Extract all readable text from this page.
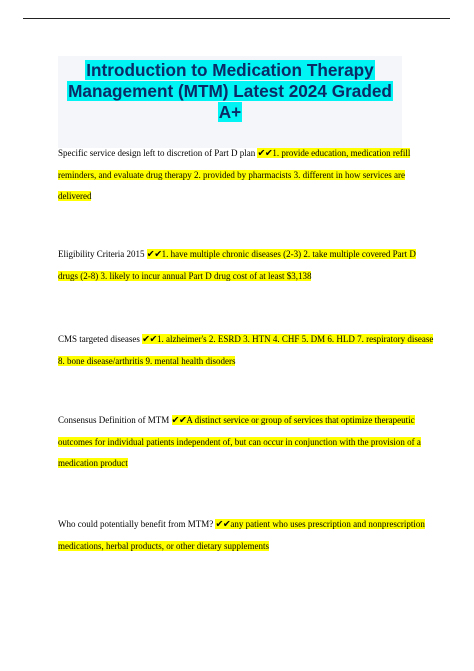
Introduction to Medication Therapy Management (MTM) Latest 2024 Graded A+

Specific service design left to discretion of Part D plan ✔✔1. provide education, medication refill reminders, and evaluate drug therapy 2. provided by pharmacists 3. different in how services are delivered

Eligibility Criteria 2015 ✔✔1. have multiple chronic diseases (2-3) 2. take multiple covered Part D drugs (2-8) 3. likely to incur annual Part D drug cost of at least $3,138

CMS targeted diseases ✔✔1. alzheimer's 2. ESRD 3. HTN 4. CHF 5. DM 6. HLD 7. respiratory disease 8. bone disease/arthritis 9. mental health disoders

Consensus Definition of MTM ✔✔A distinct service or group of services that optimize therapeutic outcomes for individual patients independent of, but can occur in conjunction with the provision of a medication product

Who could potentially benefit from MTM? ✔✔any patient who uses prescription and nonprescription medications, herbal products, or other dietary supplements
